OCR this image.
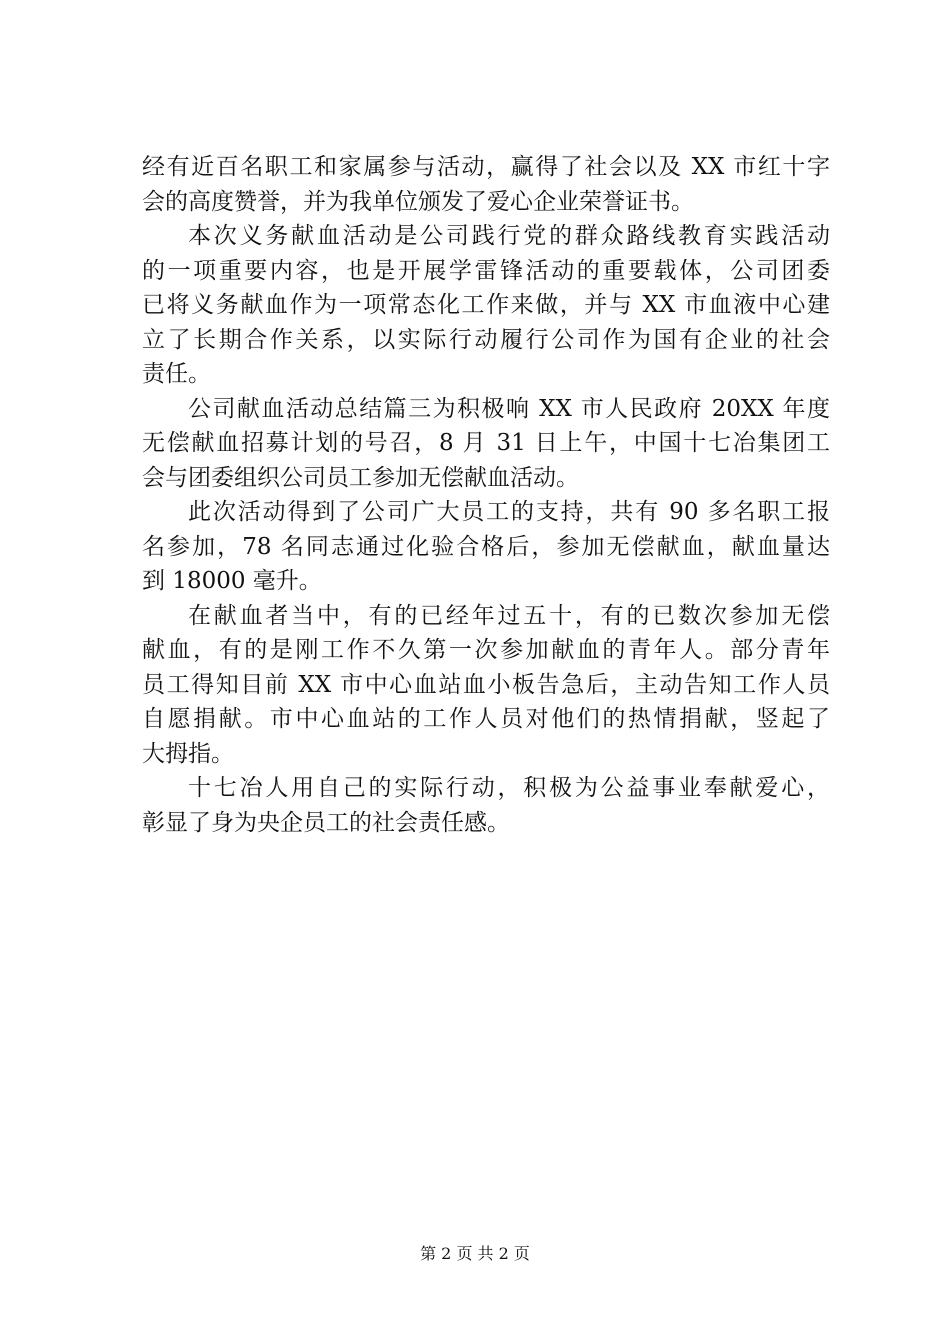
经有近百名职工和家属参与活动，赢得了社会以及 XX 市红十字
会的高度赞誉，并为我单位颁发了爱心企业荣誉证书。
本次义务献血活动是公司践行党的群众路线教育实践活动
的一项重要内容，也是开展学雷锋活动的重要载体，公司团委
已将义务献血作为一项常态化工作来做，并与 XX 市血液中心建
立了长期合作关系，以实际行动履行公司作为国有企业的社会
责任。
公司献血活动总结篇三为积极响 XX 市人民政府 20XX 年度
无偿献血招募计划的号召，8 月 31 日上午，中国十七冶集团工
会与团委组织公司员工参加无偿献血活动。
此次活动得到了公司广大员工的支持，共有 90 多名职工报
名参加，78 名同志通过化验合格后，参加无偿献血，献血量达
到 18000 毫升。
在献血者当中，有的已经年过五十，有的已数次参加无偿
献血，有的是刚工作不久第一次参加献血的青年人。部分青年
员工得知目前 XX 市中心血站血小板告急后，主动告知工作人员
自愿捐献。市中心血站的工作人员对他们的热情捐献，竖起了
大拇指。
十七冶人用自己的实际行动，积极为公益事业奉献爱心，
彰显了身为央企员工的社会责任感。
第 2 页 共 2 页
